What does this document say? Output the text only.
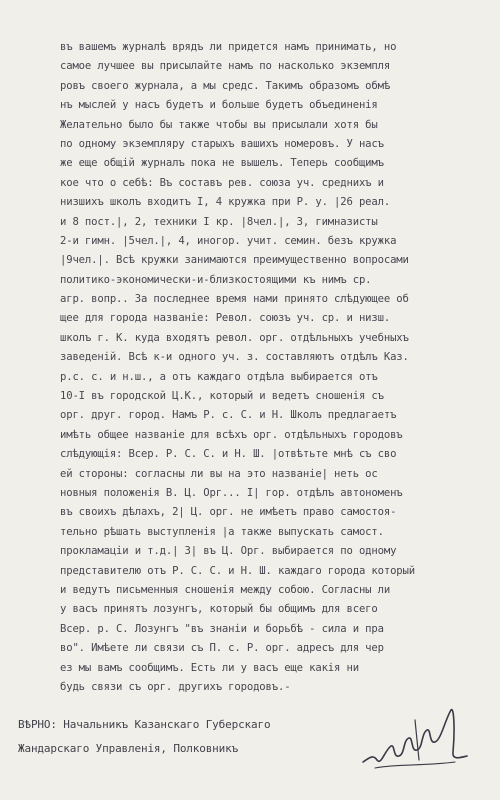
въ вашемъ журналѣ врядъ ли придется намъ принимать, но
самое лучшее вы присылайте намъ по насколько экземпля
ровъ своего журнала, а мы средс. Такимъ образомъ обмѣ
нъ мыслей у насъ будетъ и больше будетъ объединенія
Желательно было бы также чтобы вы присылали хотя бы
по одному экземпляру старыхъ вашихъ номеровъ. У насъ
же еще общій журналъ пока не вышелъ. Теперь сообщимъ
кое что о себѣ: Въ составъ рев. союза уч. среднихъ и
низшихъ школъ входитъ I, 4 кружка при Р. у. |26 реал.
и 8 пост.|, 2, техники I кр. |8чел.|, 3, гимназисты
2-и гимн. |5чел.|, 4, иногор. учит. семин. безъ кружка
|9чел.|. Всѣ кружки занимаются преимущественно вопросами
политико-экономически-и-близкостоящими къ нимъ ср.
агр. вопр.. За последнее время нами принято слѣдующее об
щее для города названіе: Револ. союзъ уч. ср. и низш.
школъ г. К. куда входятъ револ. орг. отдѣльныхъ учебныхъ
заведеній. Всѣ к-и одного уч. з. составляютъ отдѣлъ Каз.
р.с. с. и н.ш., а отъ каждаго отдѣла выбирается отъ
10-I въ городской Ц.К., который и ведетъ сношенія съ
орг. друг. город. Намъ Р. с. С. и Н. Школъ предлагаетъ
имѣть общее названіе для всѣхъ орг. отдѣльныхъ городовъ
слѣдующія: Всер. Р. С. С. и Н. Ш. |отвѣтьте мнѣ съ сво
ей стороны: согласны ли вы на это названіе| неть ос
новныя положенія В. Ц. Орг... I| гор. отдѣлъ автономенъ
въ своихъ дѣлахъ, 2| Ц. орг. не имѣетъ право самостоя-
тельно рѣшать выступленія |а также выпускать самост.
прокламаціи и т.д.| 3| въ Ц. Орг. выбирается по одному
представителю отъ Р. С. С. и Н. Ш. каждаго города который
и ведутъ письменныя сношенія между собою. Согласны ли
у васъ принятъ лозунгъ, который бы общимъ для всего
Всер. р. С. Лозунгъ "въ знаніи и борьбѣ - сила и пра
во". Имѣете ли связи съ П. с. Р. орг. адресъ для чер
ез мы вамъ сообщимъ. Есть ли у васъ еще какія ни
будь связи съ орг. другихъ городовъ.-
ВѢРНО: Начальникъ Казанскаго Губерскаго
Жандарскаго Управленія, Полковникъ
